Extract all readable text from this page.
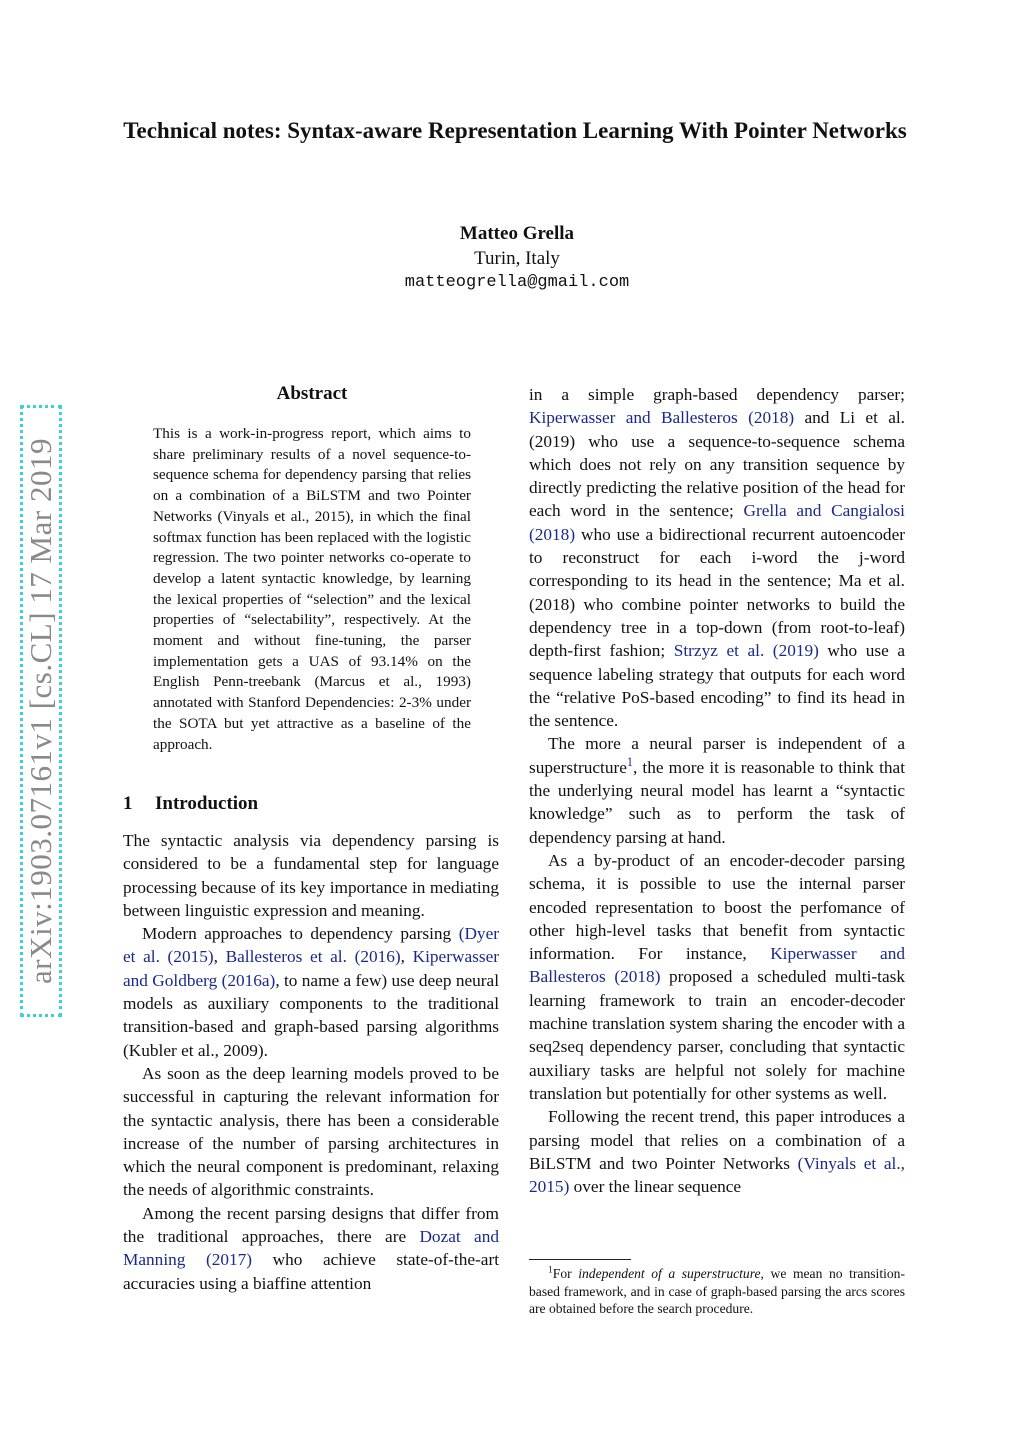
Technical notes: Syntax-aware Representation Learning With Pointer Networks
Matteo Grella
Turin, Italy
matteogrella@gmail.com
arXiv:1903.07161v1 [cs.CL] 17 Mar 2019
Abstract
This is a work-in-progress report, which aims to share preliminary results of a novel sequence-to-sequence schema for dependency parsing that relies on a combination of a BiLSTM and two Pointer Networks (Vinyals et al., 2015), in which the final softmax function has been replaced with the logistic regression. The two pointer networks co-operate to develop a latent syntactic knowledge, by learning the lexical properties of “selection” and the lexical properties of “selectability”, respectively. At the moment and without fine-tuning, the parser implementation gets a UAS of 93.14% on the English Penn-treebank (Marcus et al., 1993) annotated with Stanford Dependencies: 2-3% under the SOTA but yet attractive as a baseline of the approach.
1 Introduction

The syntactic analysis via dependency parsing is considered to be a fundamental step for language processing because of its key importance in mediating between linguistic expression and meaning.

Modern approaches to dependency parsing (Dyer et al. (2015), Ballesteros et al. (2016), Kiperwasser and Goldberg (2016a), to name a few) use deep neural models as auxiliary components to the traditional transition-based and graph-based parsing algorithms (Kubler et al., 2009).

As soon as the deep learning models proved to be successful in capturing the relevant information for the syntactic analysis, there has been a considerable increase of the number of parsing architectures in which the neural component is predominant, relaxing the needs of algorithmic constraints.

Among the recent parsing designs that differ from the traditional approaches, there are Dozat and Manning (2017) who achieve state-of-the-art accuracies using a biaffine attention

in a simple graph-based dependency parser; Kiperwasser and Ballesteros (2018) and Li et al. (2019) who use a sequence-to-sequence schema which does not rely on any transition sequence by directly predicting the relative position of the head for each word in the sentence; Grella and Cangialosi (2018) who use a bidirectional recurrent autoencoder to reconstruct for each i-word the j-word corresponding to its head in the sentence; Ma et al. (2018) who combine pointer networks to build the dependency tree in a top-down (from root-to-leaf) depth-first fashion; Strzyz et al. (2019) who use a sequence labeling strategy that outputs for each word the “relative PoS-based encoding” to find its head in the sentence.

The more a neural parser is independent of a superstructure$^1$, the more it is reasonable to think that the underlying neural model has learnt a “syntactic knowledge” such as to perform the task of dependency parsing at hand.

As a by-product of an encoder-decoder parsing schema, it is possible to use the internal parser encoded representation to boost the perfomance of other high-level tasks that benefit from syntactic information. For instance, Kiperwasser and Ballesteros (2018) proposed a scheduled multi-task learning framework to train an encoder-decoder machine translation system sharing the encoder with a seq2seq dependency parser, concluding that syntactic auxiliary tasks are helpful not solely for machine translation but potentially for other systems as well.

Following the recent trend, this paper introduces a parsing model that relies on a combination of a BiLSTM and two Pointer Networks (Vinyals et al., 2015) over the linear sequence

$^1$For independent of a superstructure, we mean no transition-based framework, and in case of graph-based parsing the arcs scores are obtained before the search procedure.
